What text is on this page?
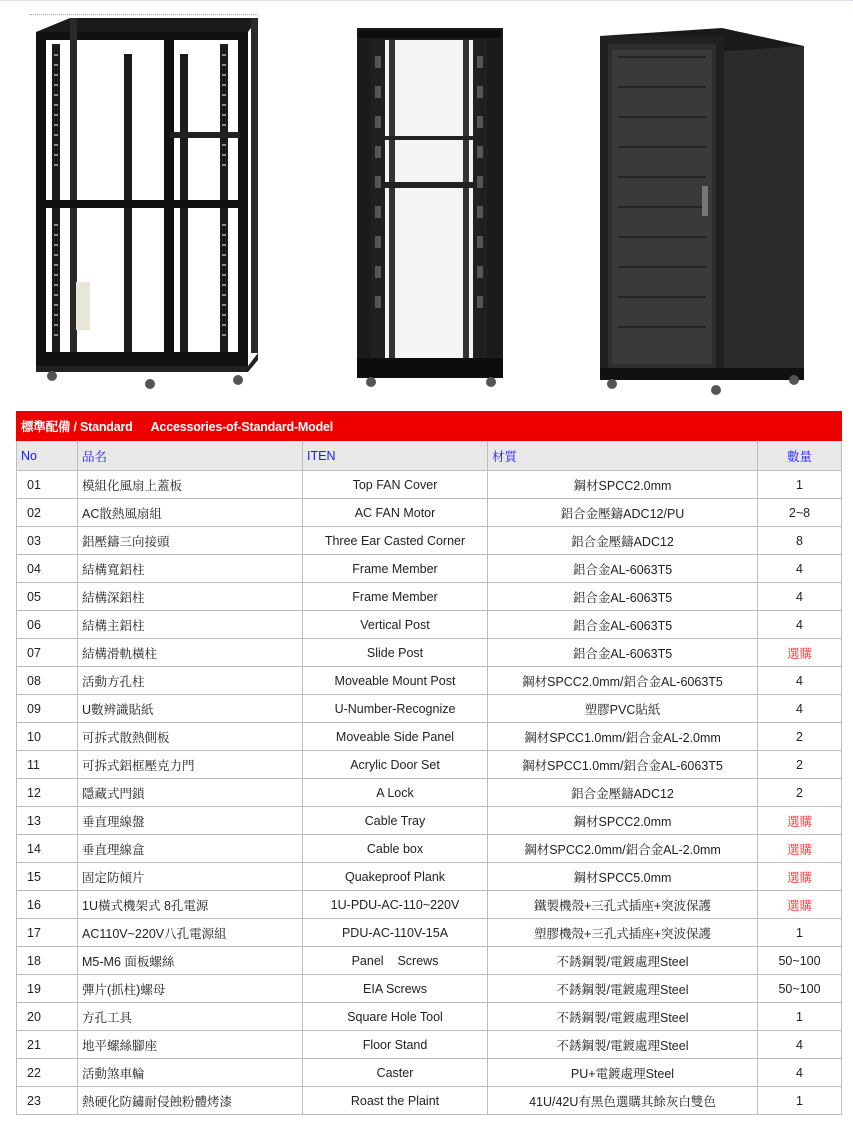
標準配備 / Standard Accessories-of-Standard-Model				
No	品名	ITEN	材質	數量
01	模組化風扇上蓋板	Top FAN Cover	鋼材SPCC2.0mm	1
02	AC散熱風扇組	AC FAN Motor	鋁合金壓鑄ADC12/PU	2~8
03	鋁壓鑄三向接頭	Three Ear Casted Corner	鋁合金壓鑄ADC12	8
04	結構寬鋁柱	Frame Member	鋁合金AL-6063T5	4
05	結構深鋁柱	Frame Member	鋁合金AL-6063T5	4
06	結構主鋁柱	Vertical Post	鋁合金AL-6063T5	4
07	結構滑軌橫柱	Slide Post	鋁合金AL-6063T5	選購
08	活動方孔柱	Moveable Mount Post	鋼材SPCC2.0mm/鋁合金AL-6063T5	4
09	U數辨識貼紙	U-Number-Recognize	塑膠PVC貼紙	4
10	可拆式散熱側板	Moveable Side Panel	鋼材SPCC1.0mm/鋁合金AL-2.0mm	2
11	可拆式鋁框壓克力門	Acrylic Door Set	鋼材SPCC1.0mm/鋁合金AL-6063T5	2
12	隱藏式門鎖	A Lock	鋁合金壓鑄ADC12	2
13	垂直理線盤	Cable Tray	鋼材SPCC2.0mm	選購
14	垂直理線盒	Cable box	鋼材SPCC2.0mm/鋁合金AL-2.0mm	選購
15	固定防傾片	Quakeproof Plank	鋼材SPCC5.0mm	選購
16	1U橫式機架式 8孔電源	1U-PDU-AC-110~220V	鐵製機殼+三孔式插座+突波保護	選購
17	AC110V~220V八孔電源組	PDU-AC-110V-15A	塑膠機殼+三孔式插座+突波保護	1
18	M5-M6 面板螺絲	Panel    Screws	不銹鋼製/電鍍處理Steel	50~100
19	彈片(抓柱)螺母	EIA Screws	不銹鋼製/電鍍處理Steel	50~100
20	方孔工具	Square Hole Tool	不銹鋼製/電鍍處理Steel	1
21	地平螺絲腳座	Floor Stand	不銹鋼製/電鍍處理Steel	4
22	活動煞車輪	Caster	PU+電鍍處理Steel	4
23	熱硬化防鏽耐侵蝕粉體烤漆	Roast the Plaint	41U/42U有黑色選購其餘灰白雙色	1
